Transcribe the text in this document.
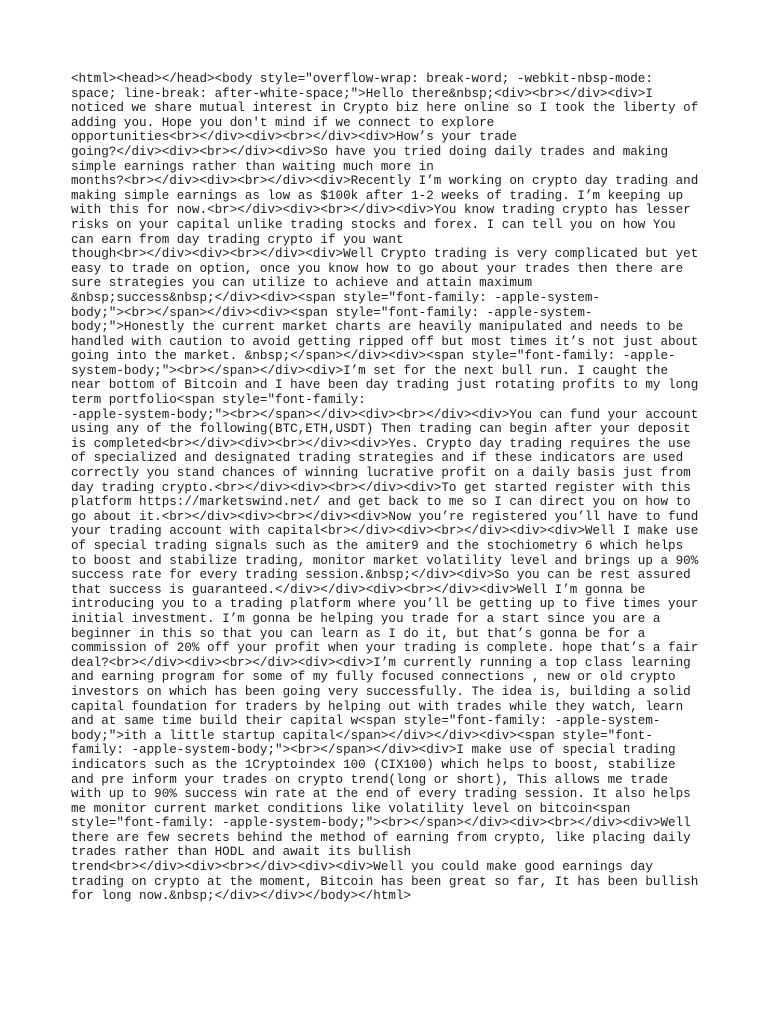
<html><head></head><body style="overflow-wrap: break-word; -webkit-nbsp-mode:
space; line-break: after-white-space;">Hello there&nbsp;<div><br></div><div>I
noticed we share mutual interest in Crypto biz here online so I took the liberty of
adding you. Hope you don't mind if we connect to explore
opportunities<br></div><div><br></div><div>How’s your trade
going?</div><div><br></div><div>So have you tried doing daily trades and making
simple earnings rather than waiting much more in
months?<br></div><div><br></div><div>Recently I’m working on crypto day trading and
making simple earnings as low as $100k after 1-2 weeks of trading. I’m keeping up
with this for now.<br></div><div><br></div><div>You know trading crypto has lesser
risks on your capital unlike trading stocks and forex. I can tell you on how You
can earn from day trading crypto if you want
though<br></div><div><br></div><div>Well Crypto trading is very complicated but yet
easy to trade on option, once you know how to go about your trades then there are
sure strategies you can utilize to achieve and attain maximum
&nbsp;success&nbsp;</div><div><span style="font-family: -apple-system-
body;"><br></span></div><div><span style="font-family: -apple-system-
body;">Honestly the current market charts are heavily manipulated and needs to be
handled with caution to avoid getting ripped off but most times it’s not just about
going into the market. &nbsp;</span></div><div><span style="font-family: -apple-
system-body;"><br></span></div><div>I’m set for the next bull run. I caught the
near bottom of Bitcoin and I have been day trading just rotating profits to my long
term portfolio<span style="font-family:
-apple-system-body;"><br></span></div><div><br></div><div>You can fund your account
using any of the following(BTC,ETH,USDT) Then trading can begin after your deposit
is completed<br></div><div><br></div><div>Yes. Crypto day trading requires the use
of specialized and designated trading strategies and if these indicators are used
correctly you stand chances of winning lucrative profit on a daily basis just from
day trading crypto.<br></div><div><br></div><div>To get started register with this
platform https://marketswind.net/ and get back to me so I can direct you on how to
go about it.<br></div><div><br></div><div>Now you’re registered you’ll have to fund
your trading account with capital<br></div><div><br></div><div><div>Well I make use
of special trading signals such as the amiter9 and the stochiometry 6 which helps
to boost and stabilize trading, monitor market volatility level and brings up a 90%
success rate for every trading session.&nbsp;</div><div>So you can be rest assured
that success is guaranteed.</div></div><div><br></div><div>Well I’m gonna be
introducing you to a trading platform where you’ll be getting up to five times your
initial investment. I’m gonna be helping you trade for a start since you are a
beginner in this so that you can learn as I do it, but that’s gonna be for a
commission of 20% off your profit when your trading is complete. hope that’s a fair
deal?<br></div><div><br></div><div><div>I’m currently running a top class learning
and earning program for some of my fully focused connections , new or old crypto
investors on which has been going very successfully. The idea is, building a solid
capital foundation for traders by helping out with trades while they watch, learn
and at same time build their capital w<span style="font-family: -apple-system-
body;">ith a little startup capital</span></div></div><div><span style="font-
family: -apple-system-body;"><br></span></div><div>I make use of special trading
indicators such as the 1Cryptoindex 100 (CIX100) which helps to boost, stabilize
and pre inform your trades on crypto trend(long or short), This allows me trade
with up to 90% success win rate at the end of every trading session. It also helps
me monitor current market conditions like volatility level on bitcoin<span
style="font-family: -apple-system-body;"><br></span></div><div><br></div><div>Well
there are few secrets behind the method of earning from crypto, like placing daily
trades rather than HODL and await its bullish
trend<br></div><div><br></div><div><div>Well you could make good earnings day
trading on crypto at the moment, Bitcoin has been great so far, It has been bullish
for long now.&nbsp;</div></div></body></html>
